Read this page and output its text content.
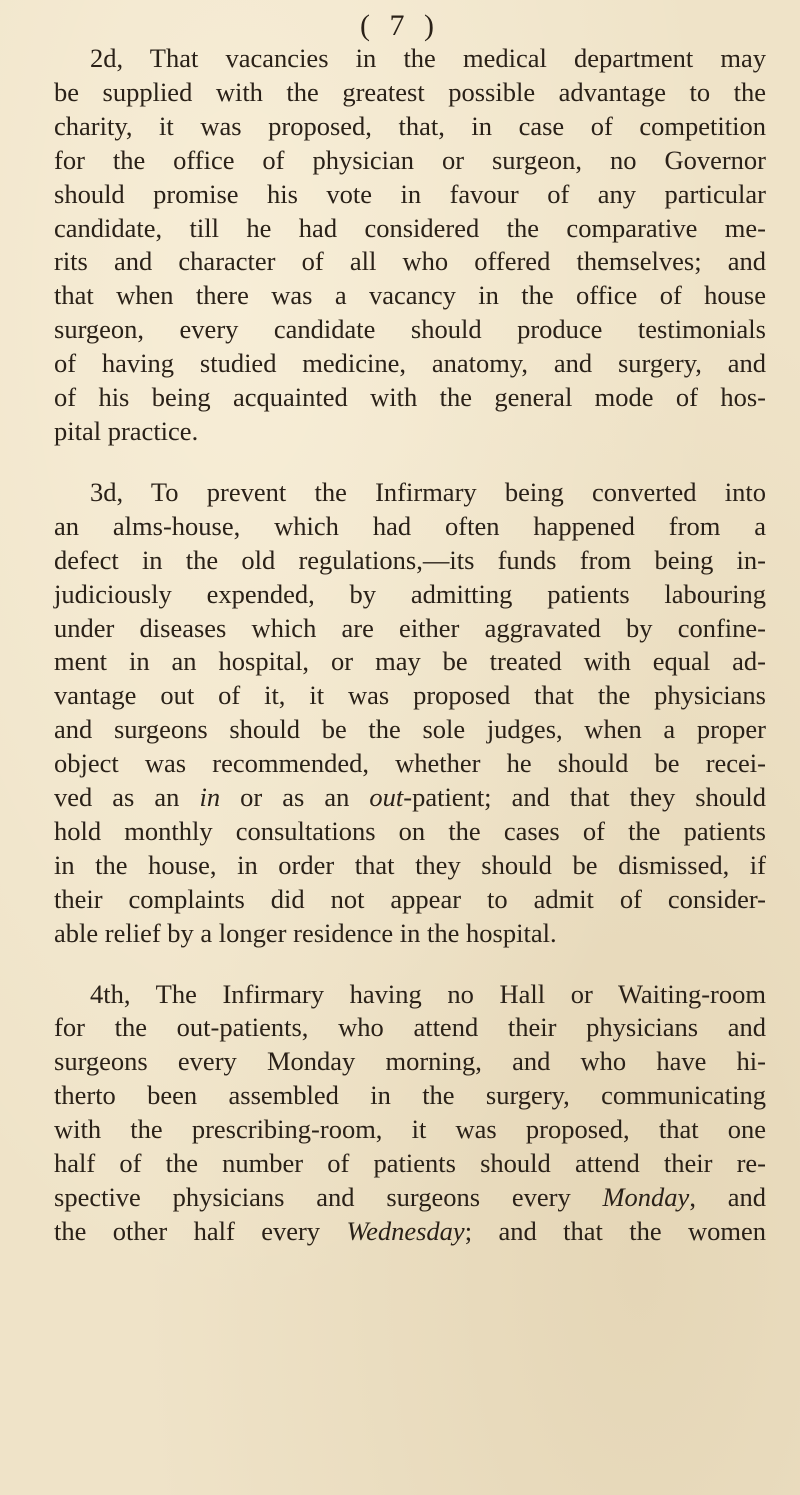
( 7 )
2d, That vacancies in the medical department may
be supplied with the greatest possible advantage to the
charity, it was proposed, that, in case of competition
for the office of physician or surgeon, no Governor
should promise his vote in favour of any particular
candidate, till he had considered the comparative me-
rits and character of all who offered themselves; and
that when there was a vacancy in the office of house
surgeon, every candidate should produce testimonials
of having studied medicine, anatomy, and surgery, and
of his being acquainted with the general mode of hos-
pital practice.
3d, To prevent the Infirmary being converted into
an alms-house, which had often happened from a
defect in the old regulations,—its funds from being in-
judiciously expended, by admitting patients labouring
under diseases which are either aggravated by confine-
ment in an hospital, or may be treated with equal ad-
vantage out of it, it was proposed that the physicians
and surgeons should be the sole judges, when a proper
object was recommended, whether he should be recei-
ved as an in or as an out-patient; and that they should
hold monthly consultations on the cases of the patients
in the house, in order that they should be dismissed, if
their complaints did not appear to admit of consider-
able relief by a longer residence in the hospital.
4th, The Infirmary having no Hall or Waiting-room
for the out-patients, who attend their physicians and
surgeons every Monday morning, and who have hi-
therto been assembled in the surgery, communicating
with the prescribing-room, it was proposed, that one
half of the number of patients should attend their re-
spective physicians and surgeons every Monday, and
the other half every Wednesday; and that the women
